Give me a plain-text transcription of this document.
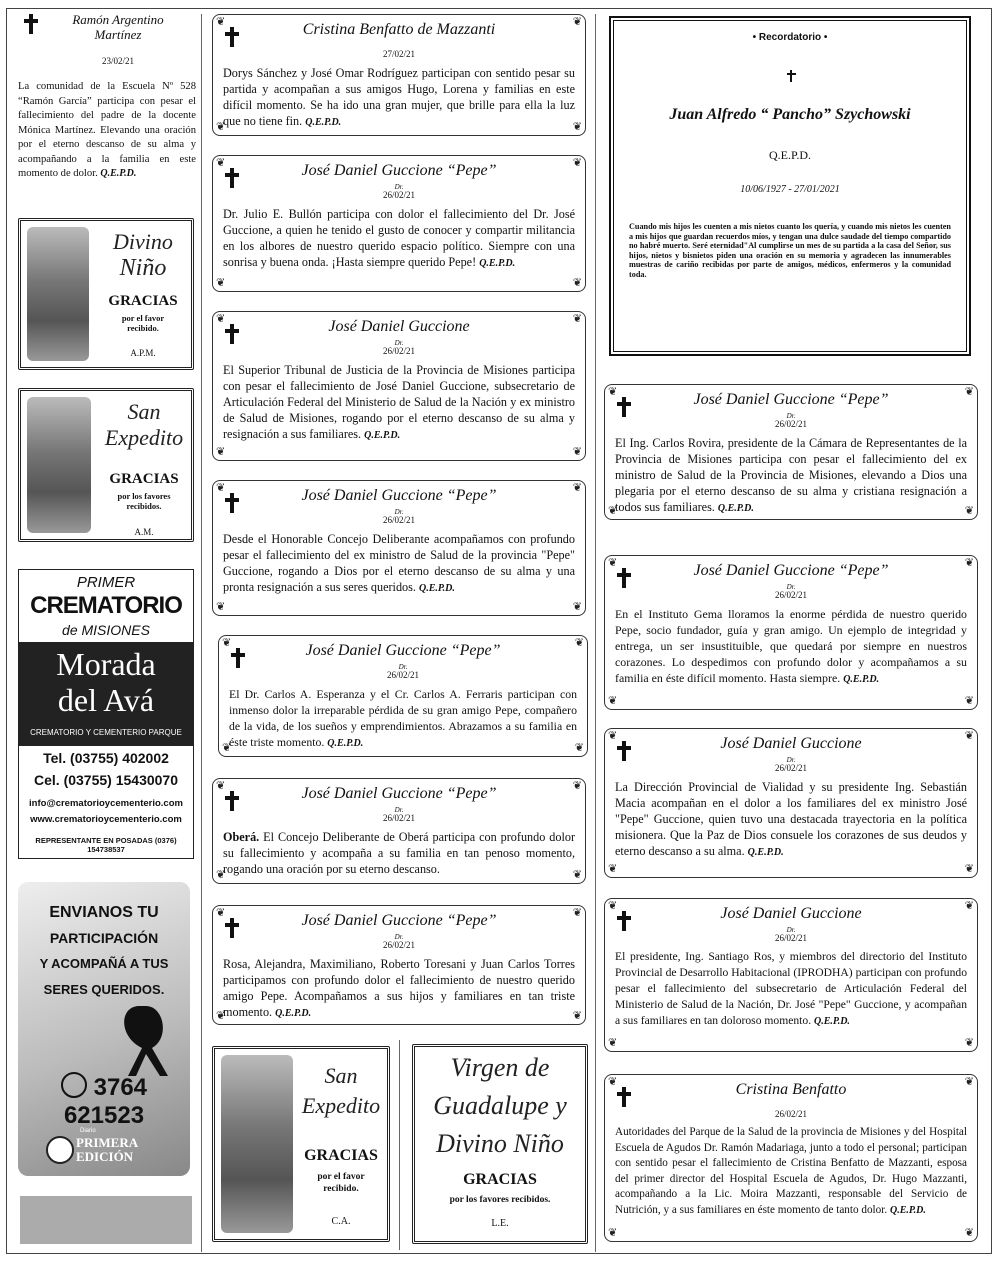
Ramón Argentino Martínez
23/02/21
La comunidad de la Escuela Nº 528 “Ramón García” participa con pesar el fallecimiento del padre de la docente Mónica Martínez. Elevando una oración por el eterno descanso de su alma y acompañando a la familia en este momento de dolor. Q.E.P.D.
Divino
Niño
GRACIAS
por el favor recibido.
A.P.M.
San
Expedito
GRACIAS
por los favores recibidos.
A.M.
PRIMER
CREMATORIO
de MISIONES
Morada
del Avá
CREMATORIO Y CEMENTERIO PARQUE
Tel. (03755) 402002
Cel. (03755) 15430070
info@crematorioycementerio.com
www.crematorioycementerio.com
REPRESENTANTE EN POSADAS (0376) 154738537
ENVIANOS TU
PARTICIPACIÓN
Y ACOMPAÑÁ A TUS
SERES QUERIDOS.
3764 621523
Diario
PRIMERA
EDICIÓN
❦	❦
❦	❦
Cristina Benfatto de Mazzanti
27/02/21
Dorys Sánchez y José Omar Rodríguez participan con sentido pesar su partida y acompañan a sus amigos Hugo, Lorena y familias en este difícil momento. Se ha ido una gran mujer, que brille para ella la luz que no tiene fin. Q.E.P.D.
❦	❦
❦	❦
José Daniel Guccione “Pepe”
Dr.
26/02/21
Dr. Julio E. Bullón participa con dolor el fallecimiento del Dr. José Guccione, a quien he tenido el gusto de conocer y compartir militancia en los albores de nuestro querido espacio político. Siempre con una sonrisa y buena onda. ¡Hasta siempre querido Pepe! Q.E.P.D.
❦	❦
❦	❦
José Daniel Guccione
Dr.
26/02/21
El Superior Tribunal de Justicia de la Provincia de Misiones participa con pesar el fallecimiento de José Daniel Guccione, subsecretario de Articulación Federal del Ministerio de Salud de la Nación y ex ministro de Salud de Misiones, rogando por el eterno descanso de su alma y resignación a sus familiares. Q.E.P.D.
❦	❦
❦	❦
José Daniel Guccione “Pepe”
Dr.
26/02/21
Desde el Honorable Concejo Deliberante acompañamos con profundo pesar el fallecimiento del ex ministro de Salud de la provincia "Pepe" Guccione, rogando a Dios por el eterno descanso de su alma y una pronta resignación a sus seres queridos. Q.E.P.D.
❦	❦
❦	❦
José Daniel Guccione “Pepe”
Dr.
26/02/21
El Dr. Carlos A. Esperanza y el Cr. Carlos A. Ferraris participan con inmenso dolor la irreparable pérdida de su gran amigo Pepe, compañero de la vida, de los sueños y emprendimientos. Abrazamos a su familia en éste triste momento. Q.E.P.D.
❦	❦
❦	❦
José Daniel Guccione “Pepe”
Dr.
26/02/21
Oberá. El Concejo Deliberante de Oberá participa con profundo dolor su fallecimiento y acompaña a su familia en tan penoso momento, rogando una oración por su eterno descanso.
❦	❦
❦	❦
José Daniel Guccione “Pepe”
Dr.
26/02/21
Rosa, Alejandra, Maximiliano, Roberto Toresani y Juan Carlos Torres participamos con profundo dolor el fallecimiento de nuestro querido amigo Pepe. Acompañamos a sus hijos y familiares en tan triste momento. Q.E.P.D.
San
Expedito
GRACIAS
por el favor recibido.
C.A.
Virgen de
Guadalupe y
Divino Niño
GRACIAS
por los favores recibidos.
L.E.
• Recordatorio •
Juan Alfredo “ Pancho” Szychowski
Q.E.P.D.
10/06/1927 - 27/01/2021
Cuando mis hijos les cuenten a mis nietos cuanto los quería, y cuando mis nietos les cuenten a mis hijos que guardan recuerdos míos, y tengan una dulce saudade del tiempo compartido no habré muerto. Seré eternidad"Al cumplirse un mes de su partida a la casa del Señor, sus hijos, nietos y bisnietos piden una oración en su memoria y agradecen las innumerables muestras de cariño recibidas por parte de amigos, médicos, enfermeros y la comunidad toda.
❦	❦
❦	❦
José Daniel Guccione “Pepe”
Dr.
26/02/21
El Ing. Carlos Rovira, presidente de la Cámara de Representantes de la Provincia de Misiones participa con pesar el fallecimiento del ex ministro de Salud de la Provincia de Misiones, elevando a Dios una plegaria por el eterno descanso de su alma y cristiana resignación a todos sus familiares. Q.E.P.D.
❦	❦
❦	❦
José Daniel Guccione “Pepe”
Dr.
26/02/21
En el Instituto Gema lloramos la enorme pérdida de nuestro querido Pepe, socio fundador, guía y gran amigo. Un ejemplo de integridad y entrega, un ser insustituible, que quedará por siempre en nuestros corazones. Lo despedimos con profundo dolor y acompañamos a su familia en éste difícil momento. Hasta siempre. Q.E.P.D.
❦	❦
❦	❦
José Daniel Guccione
Dr.
26/02/21
La Dirección Provincial de Vialidad y su presidente Ing. Sebastián Macia acompañan en el dolor a los familiares del ex ministro José "Pepe" Guccione, quien tuvo una destacada trayectoria en la política misionera. Que la Paz de Dios consuele los corazones de sus deudos y eterno descanso a su alma. Q.E.P.D.
❦	❦
❦	❦
José Daniel Guccione
Dr.
26/02/21
El presidente, Ing. Santiago Ros, y miembros del directorio del Instituto Provincial de Desarrollo Habitacional (IPRODHA) participan con profundo pesar el fallecimiento del subsecretario de Articulación Federal del Ministerio de Salud de la Nación, Dr. José "Pepe" Guccione, y acompañan a sus familiares en tan doloroso momento. Q.E.P.D.
❦	❦
❦	❦
Cristina Benfatto
26/02/21
Autoridades del Parque de la Salud de la provincia de Misiones y del Hospital Escuela de Agudos Dr. Ramón Madariaga, junto a todo el personal; participan con sentido pesar el fallecimiento de Cristina Benfatto de Mazzanti, esposa del primer director del Hospital Escuela de Agudos, Dr. Hugo Mazzanti, acompañando a la Lic. Moira Mazzanti, responsable del Servicio de Nutrición, y a sus familiares en éste momento de tanto dolor. Q.E.P.D.
